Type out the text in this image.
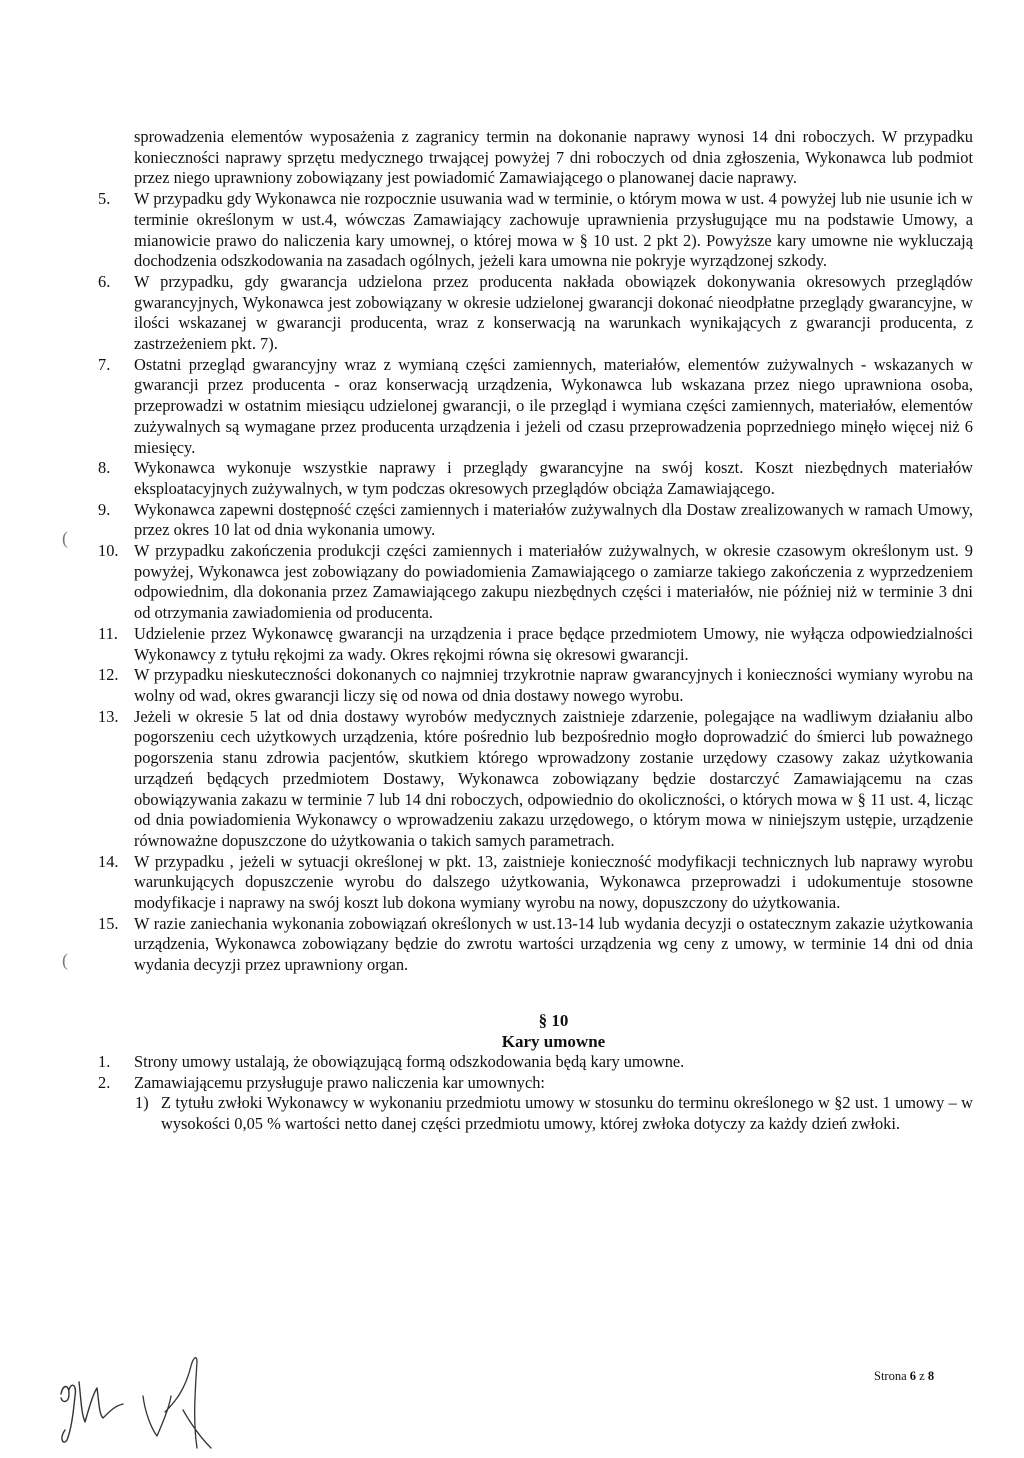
sprowadzenia elementów wyposażenia z zagranicy termin na dokonanie naprawy wynosi 14 dni roboczych. W przypadku konieczności naprawy sprzętu medycznego trwającej powyżej 7 dni roboczych od dnia zgłoszenia, Wykonawca lub podmiot przez niego uprawniony zobowiązany jest powiadomić Zamawiającego o planowanej dacie naprawy.

5. W przypadku gdy Wykonawca nie rozpocznie usuwania wad w terminie, o którym mowa w ust. 4 powyżej lub nie usunie ich w terminie określonym w ust.4, wówczas Zamawiający zachowuje uprawnienia przysługujące mu na podstawie Umowy, a mianowicie prawo do naliczenia kary umownej, o której mowa w § 10 ust. 2 pkt 2). Powyższe kary umowne nie wykluczają dochodzenia odszkodowania na zasadach ogólnych, jeżeli kara umowna nie pokryje wyrządzonej szkody.
6. W przypadku, gdy gwarancja udzielona przez producenta nakłada obowiązek dokonywania okresowych przeglądów gwarancyjnych, Wykonawca jest zobowiązany w okresie udzielonej gwarancji dokonać nieodpłatne przeglądy gwarancyjne, w ilości wskazanej w gwarancji producenta, wraz z konserwacją na warunkach wynikających z gwarancji producenta, z zastrzeżeniem pkt. 7).
7. Ostatni przegląd gwarancyjny wraz z wymianą części zamiennych, materiałów, elementów zużywalnych - wskazanych w gwarancji przez producenta - oraz konserwacją urządzenia, Wykonawca lub wskazana przez niego uprawniona osoba, przeprowadzi w ostatnim miesiącu udzielonej gwarancji, o ile przegląd i wymiana części zamiennych, materiałów, elementów zużywalnych są wymagane przez producenta urządzenia i jeżeli od czasu przeprowadzenia poprzedniego minęło więcej niż 6 miesięcy.
8. Wykonawca wykonuje wszystkie naprawy i przeglądy gwarancyjne na swój koszt. Koszt niezbędnych materiałów eksploatacyjnych zużywalnych, w tym podczas okresowych przeglądów obciąża Zamawiającego.
9. Wykonawca zapewni dostępność części zamiennych i materiałów zużywalnych dla Dostaw zrealizowanych w ramach Umowy, przez okres 10 lat od dnia wykonania umowy.
10. W przypadku zakończenia produkcji części zamiennych i materiałów zużywalnych, w okresie czasowym określonym ust. 9 powyżej, Wykonawca jest zobowiązany do powiadomienia Zamawiającego o zamiarze takiego zakończenia z wyprzedzeniem odpowiednim, dla dokonania przez Zamawiającego zakupu niezbędnych części i materiałów, nie później niż w terminie 3 dni od otrzymania zawiadomienia od producenta.
11. Udzielenie przez Wykonawcę gwarancji na urządzenia i prace będące przedmiotem Umowy, nie wyłącza odpowiedzialności Wykonawcy z tytułu rękojmi za wady. Okres rękojmi równa się okresowi gwarancji.
12. W przypadku nieskuteczności dokonanych co najmniej trzykrotnie napraw gwarancyjnych i konieczności wymiany wyrobu na wolny od wad, okres gwarancji liczy się od nowa od dnia dostawy nowego wyrobu.
13. Jeżeli w okresie 5 lat od dnia dostawy wyrobów medycznych zaistnieje zdarzenie, polegające na wadliwym działaniu albo pogorszeniu cech użytkowych urządzenia, które pośrednio lub bezpośrednio mogło doprowadzić do śmierci lub poważnego pogorszenia stanu zdrowia pacjentów, skutkiem którego wprowadzony zostanie urzędowy czasowy zakaz użytkowania urządzeń będących przedmiotem Dostawy, Wykonawca zobowiązany będzie dostarczyć Zamawiającemu na czas obowiązywania zakazu w terminie 7 lub 14 dni roboczych, odpowiednio do okoliczności, o których mowa w § 11 ust. 4, licząc od dnia powiadomienia Wykonawcy o wprowadzeniu zakazu urzędowego, o którym mowa w niniejszym ustępie, urządzenie równoważne dopuszczone do użytkowania o takich samych parametrach.
14. W przypadku , jeżeli w sytuacji określonej w pkt. 13, zaistnieje konieczność modyfikacji technicznych lub naprawy wyrobu warunkujących dopuszczenie wyrobu do dalszego użytkowania, Wykonawca przeprowadzi i udokumentuje stosowne modyfikacje i naprawy na swój koszt lub dokona wymiany wyrobu na nowy, dopuszczony do użytkowania.
15. W razie zaniechania wykonania zobowiązań określonych w ust.13-14 lub wydania decyzji o ostatecznym zakazie użytkowania urządzenia, Wykonawca zobowiązany będzie do zwrotu wartości urządzenia wg ceny z umowy, w terminie 14 dni od dnia wydania decyzji przez uprawniony organ.
§ 10
Kary umowne
1. Strony umowy ustalają, że obowiązującą formą odszkodowania będą kary umowne.
2. Zamawiającemu przysługuje prawo naliczenia kar umownych:
1) Z tytułu zwłoki Wykonawcy w wykonaniu przedmiotu umowy w stosunku do terminu określonego w §2 ust. 1 umowy – w wysokości 0,05 % wartości netto danej części przedmiotu umowy, której zwłoka dotyczy za każdy dzień zwłoki.
(
(
Strona 6 z 8
